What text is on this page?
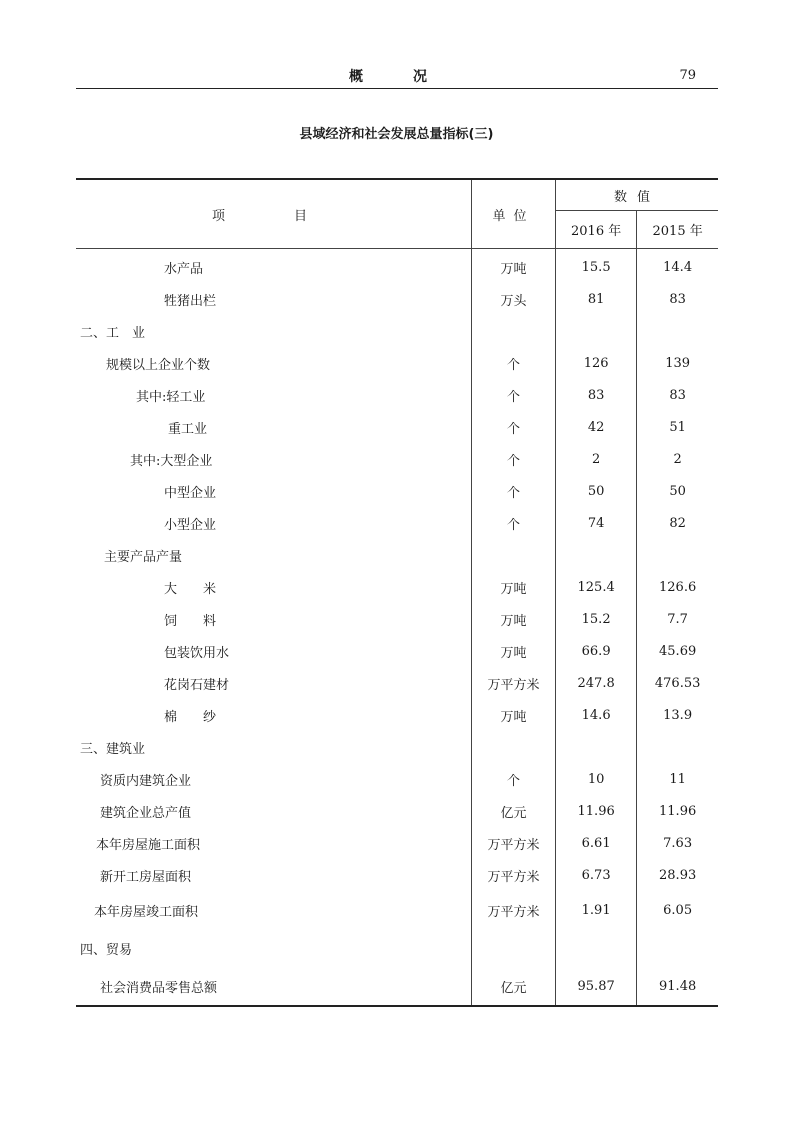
概　况	79
县域经济和社会发展总量指标(三)
项　目	单位	数值	
		2016 年	2015 年
水产品	万吨	15.5	14.4
牲猪出栏	万头	81	83
二、工　业			
规模以上企业个数	个	126	139
其中:轻工业	个	83	83
重工业	个	42	51
其中:大型企业	个	2	2
中型企业	个	50	50
小型企业	个	74	82
主要产品产量			
大　　米	万吨	125.4	126.6
饲　　料	万吨	15.2	7.7
包装饮用水	万吨	66.9	45.69
花岗石建材	万平方米	247.8	476.53
棉　　纱	万吨	14.6	13.9
三、建筑业			
资质内建筑企业	个	10	11
建筑企业总产值	亿元	11.96	11.96
本年房屋施工面积	万平方米	6.61	7.63
新开工房屋面积	万平方米	6.73	28.93
本年房屋竣工面积	万平方米	1.91	6.05
四、贸易			
社会消费品零售总额	亿元	95.87	91.48
